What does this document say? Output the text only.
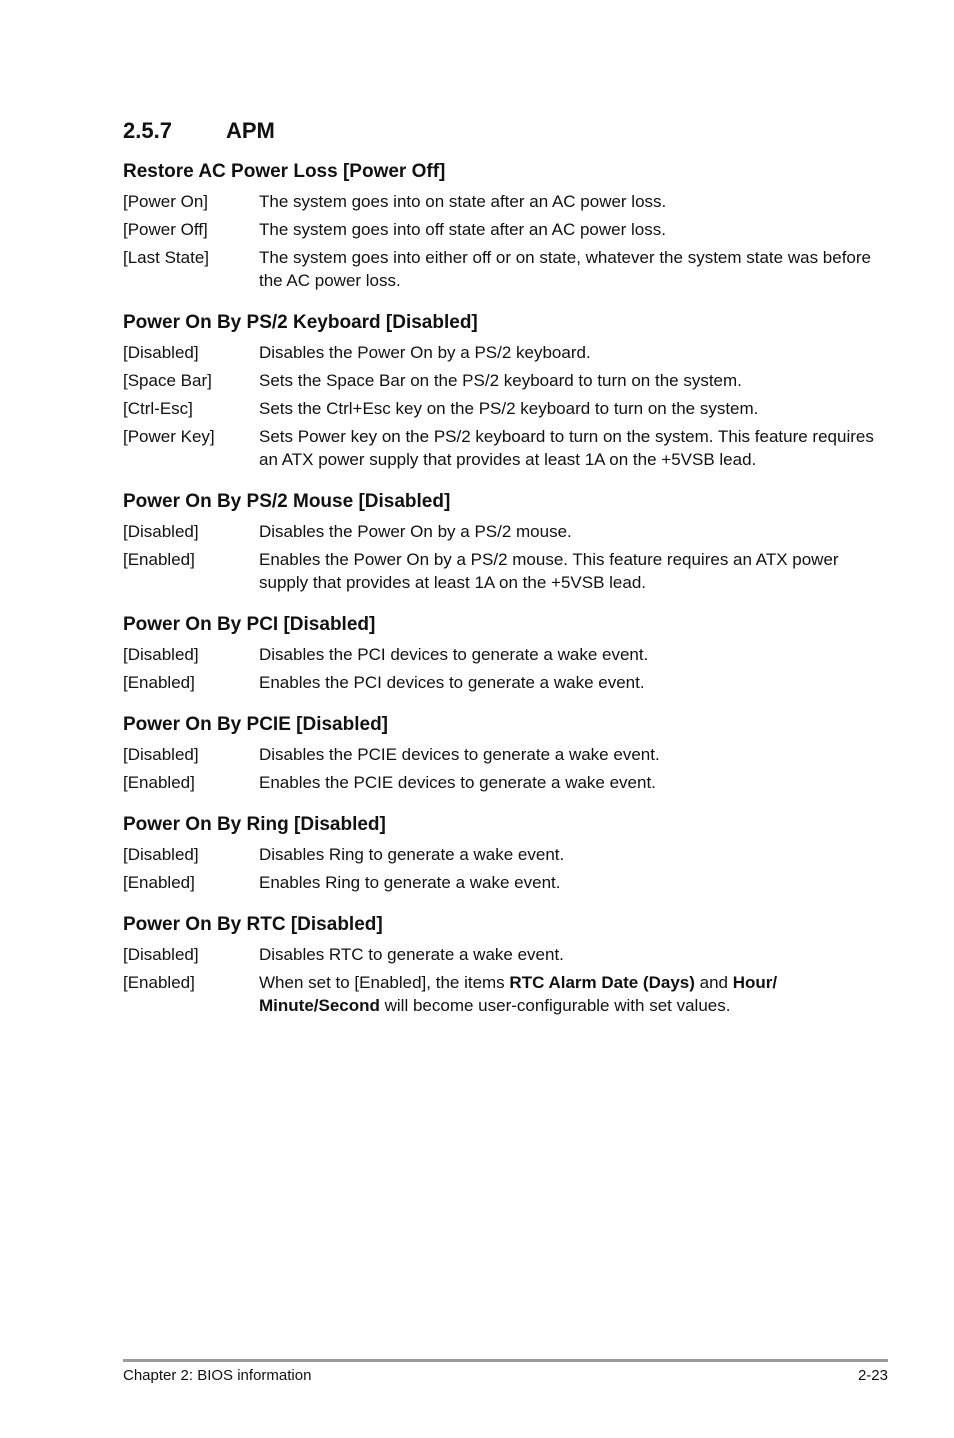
2.5.7	APM
Restore AC Power Loss [Power Off]
[Power On]	The system goes into on state after an AC power loss.
[Power Off]	The system goes into off state after an AC power loss.
[Last State]	The system goes into either off or on state, whatever the system state was before the AC power loss.
Power On By PS/2 Keyboard [Disabled]
[Disabled]	Disables the Power On by a PS/2 keyboard.
[Space Bar]	Sets the Space Bar on the PS/2 keyboard to turn on the system.
[Ctrl-Esc]	Sets the Ctrl+Esc key on the PS/2 keyboard to turn on the system.
[Power Key]	Sets Power key on the PS/2 keyboard to turn on the system. This feature requires an ATX power supply that provides at least 1A on the +5VSB lead.
Power On By PS/2 Mouse [Disabled]
[Disabled]	Disables the Power On by a PS/2 mouse.
[Enabled]	Enables the Power On by a PS/2 mouse. This feature requires an ATX power supply that provides at least 1A on the +5VSB lead.
Power On By PCI [Disabled]
[Disabled]	Disables the PCI devices to generate a wake event.
[Enabled]	Enables the PCI devices to generate a wake event.
Power On By PCIE [Disabled]
[Disabled]	Disables the PCIE devices to generate a wake event.
[Enabled]	Enables the PCIE devices to generate a wake event.
Power On By Ring [Disabled]
[Disabled]	Disables Ring to generate a wake event.
[Enabled]	Enables Ring to generate a wake event.
Power On By RTC [Disabled]
[Disabled]	Disables RTC to generate a wake event.
[Enabled]	When set to [Enabled], the items RTC Alarm Date (Days) and Hour/ Minute/Second will become user-configurable with set values.
Chapter 2: BIOS information	2-23
